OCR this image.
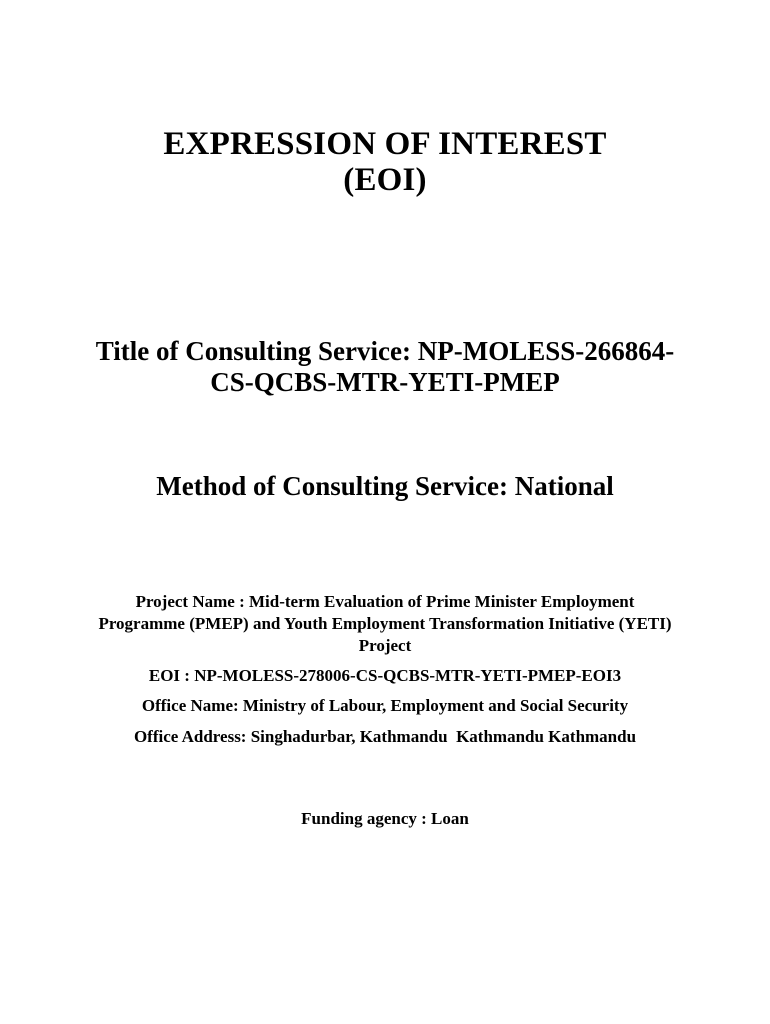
EXPRESSION OF INTEREST
(EOI)
Title of Consulting Service: NP-MOLESS-266864-
CS-QCBS-MTR-YETI-PMEP
Method of Consulting Service: National
Project Name : Mid-term Evaluation of Prime Minister Employment
Programme (PMEP) and Youth Employment Transformation Initiative (YETI)
Project
EOI : NP-MOLESS-278006-CS-QCBS-MTR-YETI-PMEP-EOI3
Office Name: Ministry of Labour, Employment and Social Security
Office Address: Singhadurbar, Kathmandu  Kathmandu Kathmandu
Funding agency : Loan
